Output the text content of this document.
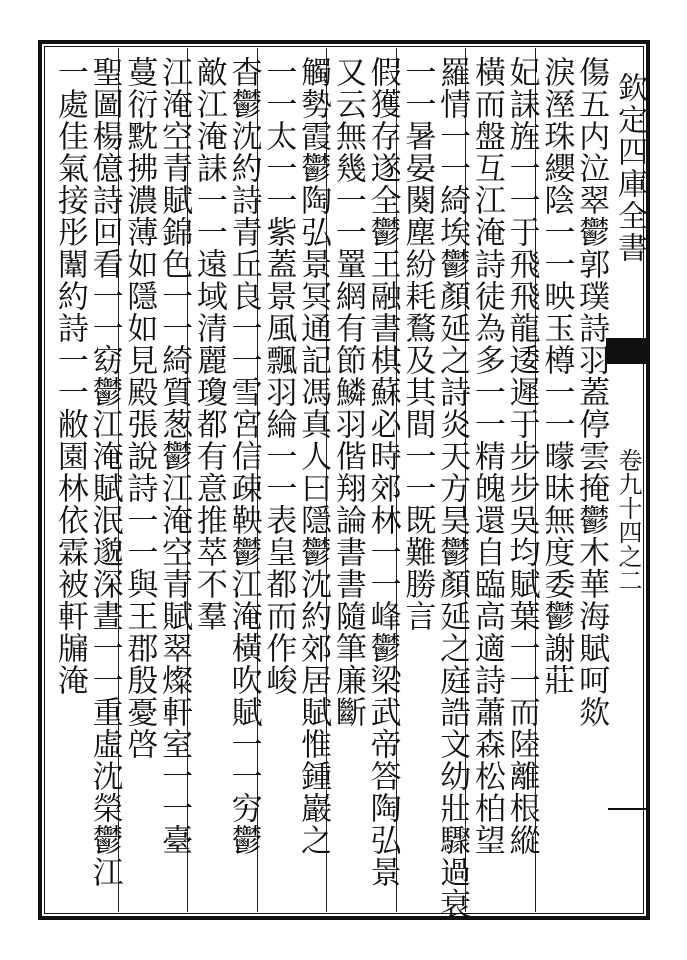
欽定四庫全書
卷九十四之二
傷五内泣翠鬱郭璞詩羽蓋停雲掩鬱木華海賦呵欻
淚溼珠纓陰一一映玉樽一一曚昧無度委鬱謝莊
妃誄旌一一于飛飛龍逶遲于步步吳均賦葉一一而陸離根縱
橫而盤互江淹詩徒為多一一精魄還自臨高適詩蕭森松柏望
羅情一一綺埃鬱顏延之詩炎天方昊鬱顏延之庭誥文幼壯驟過衰
一一暑晏闋塵紛耗鶩及其間一一既難勝言
假獲存遂全鬱王融書棋蘇必時郊林一一峰鬱梁武帝答陶弘景
又云無幾一一罿網有節鱗羽偕翔論書書隨筆廉斷
觸勢霞鬱陶弘景冥通記馮真人曰隱鬱沈約郊居賦惟鍾巖之
一一太一一紫蓋景風飄羽綸一一表皇都而作峻
杳鬱沈約詩青丘良一一雪宮信疎鞅鬱江淹橫吹賦一一穷鬱
敵江淹誄一一遠域清麗瓊都有意推萃不羣
江淹空青賦錦色一一綺質葱鬱江淹空青賦翠燦軒室一一臺
蔓衍黕拂濃薄如隱如見殿張說詩一一與王郡殷憂啓
聖圖楊億詩回看一一窈鬱江淹賦泯邈深晝一一重虛沈榮鬱江
一處佳氣接彤闈約詩一一敝園林依霖被軒牖淹
